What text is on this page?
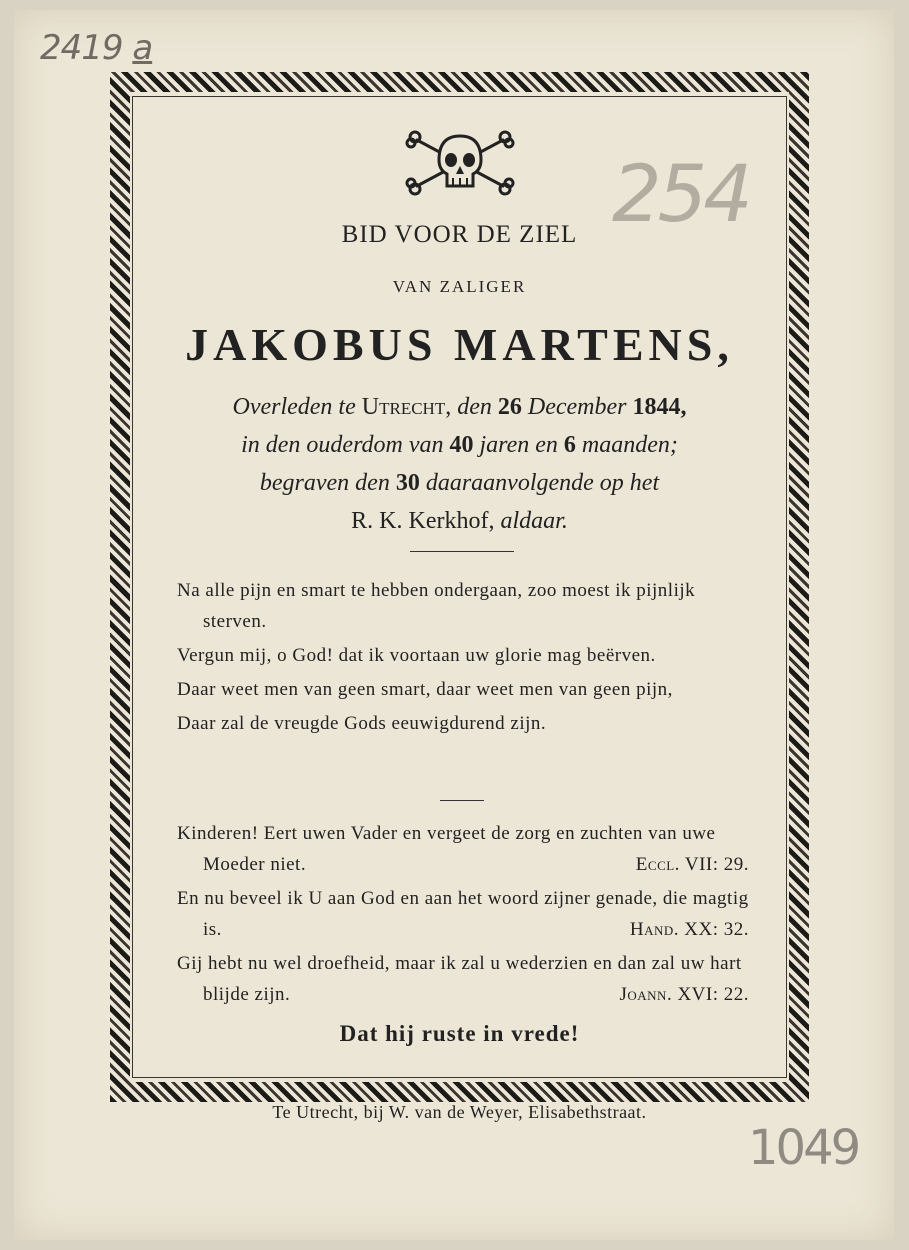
2419 a
254
1049

BID VOOR DE ZIEL

VAN ZALIGER

JAKOBUS MARTENS,

Overleden te Utrecht, den 26 December 1844,
in den ouderdom van 40 jaren en 6 maanden;
begraven den 30 daaraanvolgende op het
R. K. Kerkhof, aldaar.

Na alle pijn en smart te hebben ondergaan, zoo moest ik pijnlijk sterven.

Vergun mij, o God! dat ik voortaan uw glorie mag beërven.

Daar weet men van geen smart, daar weet men van geen pijn,

Daar zal de vreugde Gods eeuwigdurend zijn.

Kinderen! Eert uwen Vader en vergeet de zorg en zuchten van uwe Moeder niet.	Eccl. VII: 29.

En nu beveel ik U aan God en aan het woord zijner genade, die magtig is.	Hand. XX: 32.

Gij hebt nu wel droefheid, maar ik zal u wederzien en dan zal uw hart blijde zijn.	Joann. XVI: 22.

Dat hij ruste in vrede!

Te Utrecht, bij W. van de Weyer, Elisabethstraat.
